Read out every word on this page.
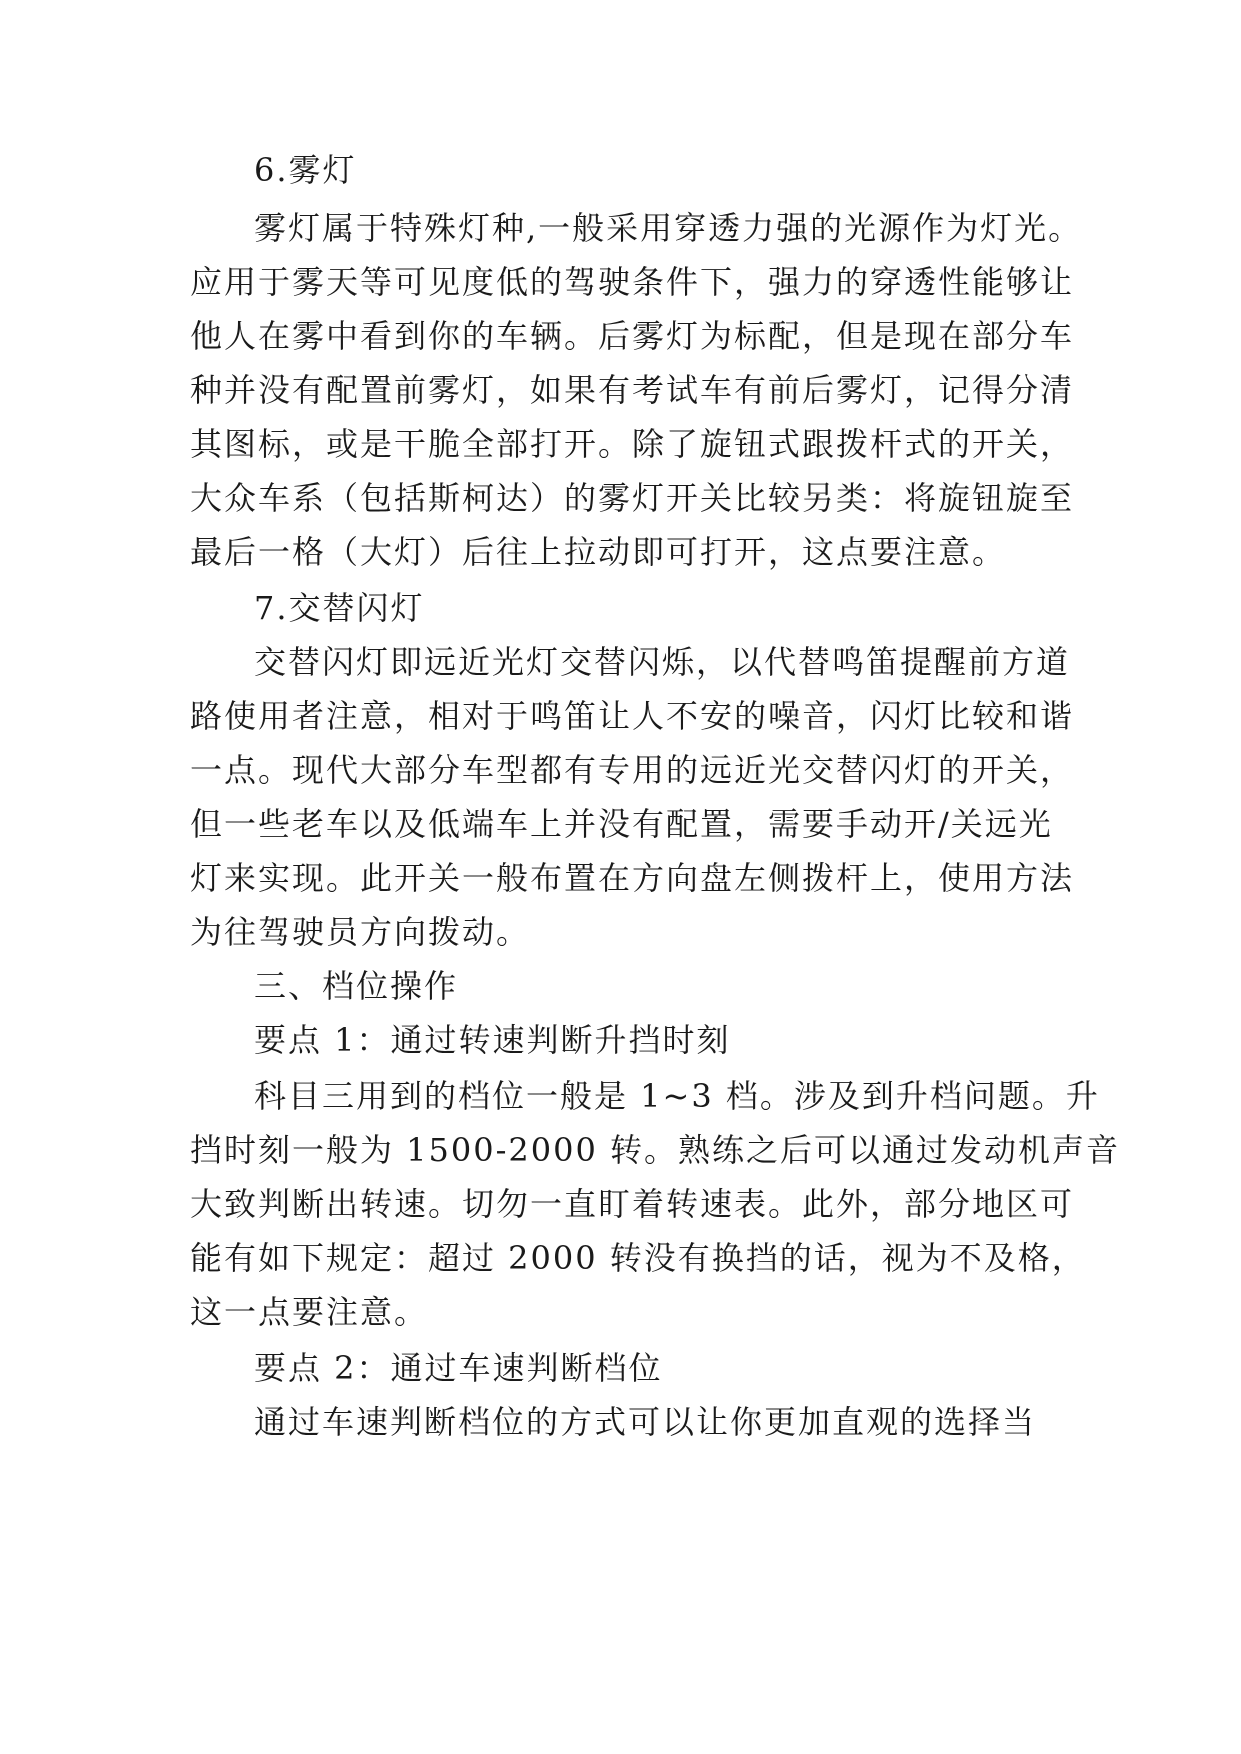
6.雾灯
雾灯属于特殊灯种,一般采用穿透力强的光源作为灯光。
应用于雾天等可见度低的驾驶条件下，强力的穿透性能够让
他人在雾中看到你的车辆。后雾灯为标配，但是现在部分车
种并没有配置前雾灯，如果有考试车有前后雾灯，记得分清
其图标，或是干脆全部打开。除了旋钮式跟拨杆式的开关，
大众车系（包括斯柯达）的雾灯开关比较另类：将旋钮旋至
最后一格（大灯）后往上拉动即可打开，这点要注意。
7.交替闪灯
交替闪灯即远近光灯交替闪烁，以代替鸣笛提醒前方道
路使用者注意，相对于鸣笛让人不安的噪音，闪灯比较和谐
一点。现代大部分车型都有专用的远近光交替闪灯的开关，
但一些老车以及低端车上并没有配置，需要手动开/关远光
灯来实现。此开关一般布置在方向盘左侧拨杆上，使用方法
为往驾驶员方向拨动。
三、档位操作
要点 1：通过转速判断升挡时刻
科目三用到的档位一般是 1~3 档。涉及到升档问题。升
挡时刻一般为 1500-2000 转。熟练之后可以通过发动机声音
大致判断出转速。切勿一直盯着转速表。此外，部分地区可
能有如下规定：超过 2000 转没有换挡的话，视为不及格，
这一点要注意。
要点 2：通过车速判断档位
通过车速判断档位的方式可以让你更加直观的选择当
